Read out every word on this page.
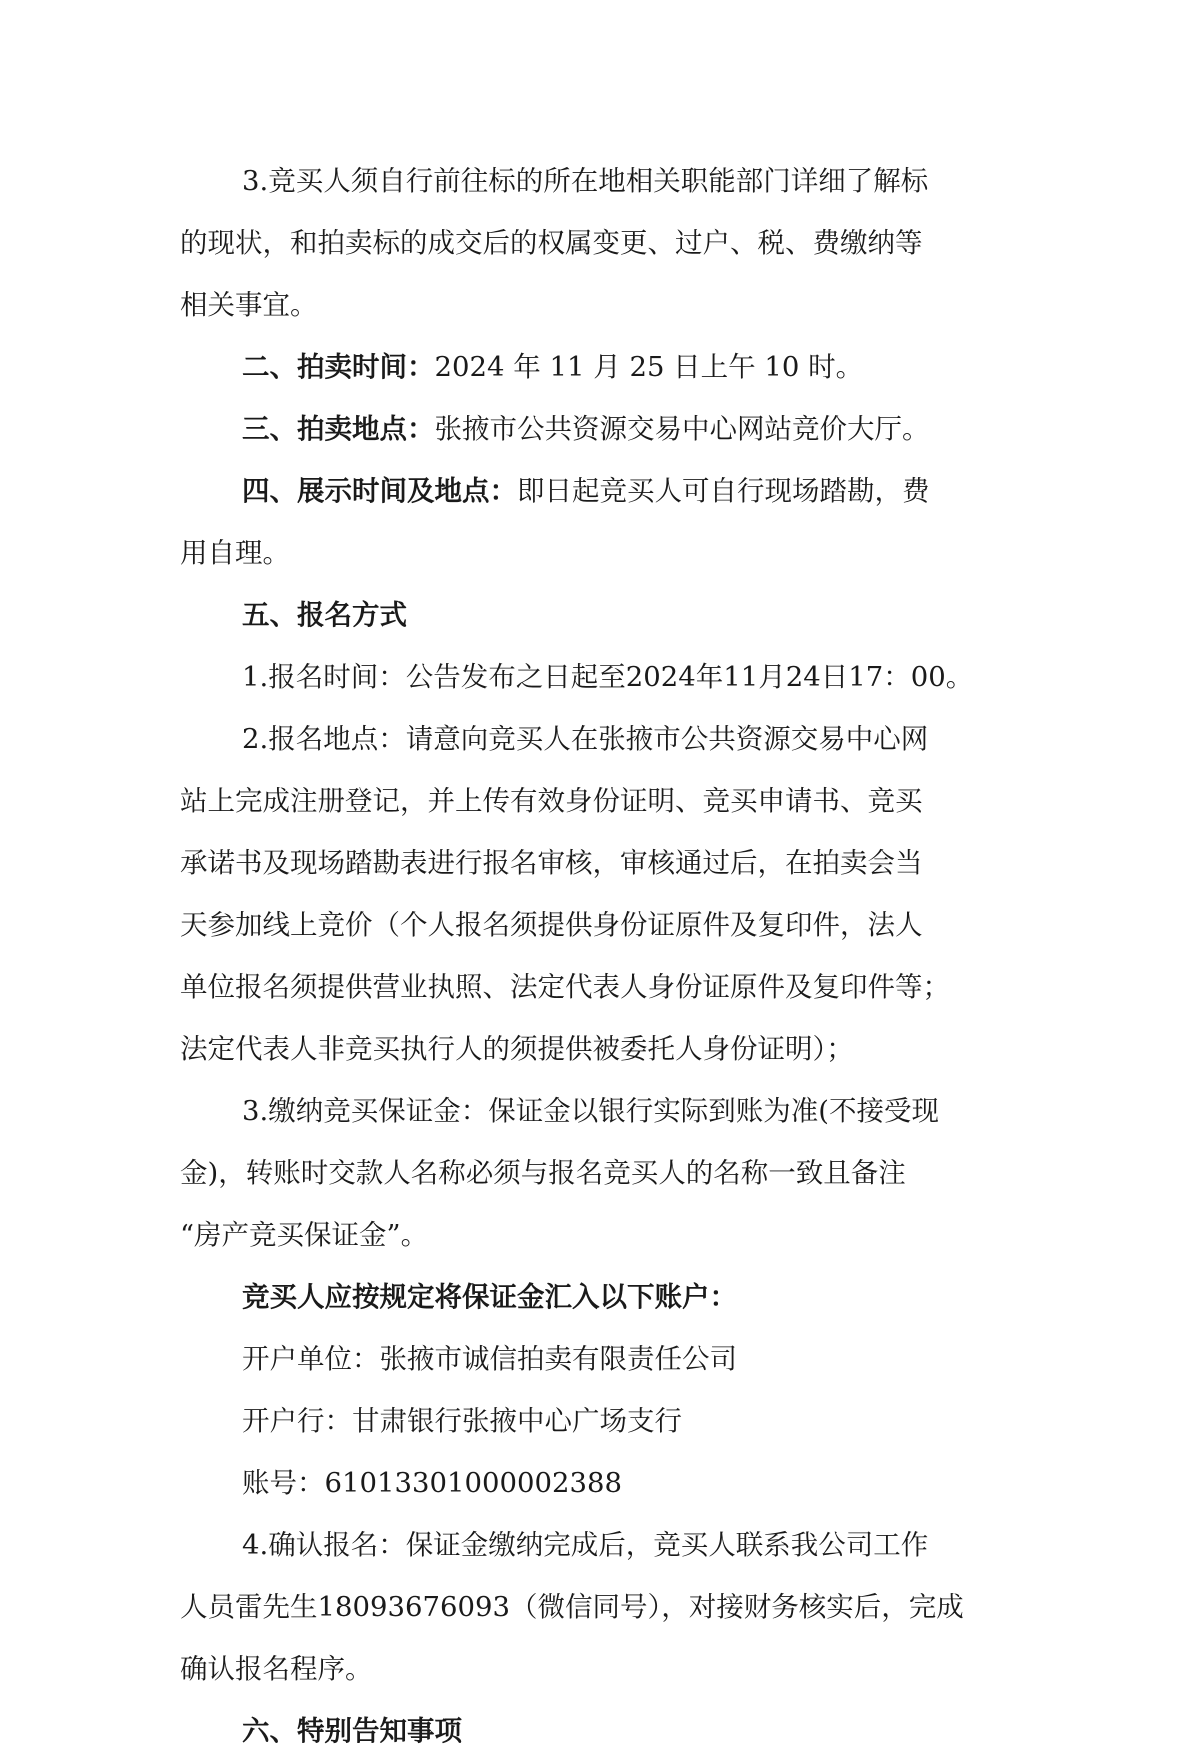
3.竞买人须自行前往标的所在地相关职能部门详细了解标
的现状，和拍卖标的成交后的权属变更、过户、税、费缴纳等
相关事宜。
二、拍卖时间：2024 年 11 月 25 日上午 10 时。
三、拍卖地点：张掖市公共资源交易中心网站竞价大厅。
四、展示时间及地点：即日起竞买人可自行现场踏勘，费
用自理。
五、报名方式
1.报名时间：公告发布之日起至2024年11月24日17：00。
2.报名地点：请意向竞买人在张掖市公共资源交易中心网
站上完成注册登记，并上传有效身份证明、竞买申请书、竞买
承诺书及现场踏勘表进行报名审核，审核通过后，在拍卖会当
天参加线上竞价（个人报名须提供身份证原件及复印件，法人
单位报名须提供营业执照、法定代表人身份证原件及复印件等；
法定代表人非竞买执行人的须提供被委托人身份证明）；
3.缴纳竞买保证金：保证金以银行实际到账为准(不接受现
金)，转账时交款人名称必须与报名竞买人的名称一致且备注
“房产竞买保证金”。
竞买人应按规定将保证金汇入以下账户：
开户单位：张掖市诚信拍卖有限责任公司
开户行：甘肃银行张掖中心广场支行
账号：61013301000002388
4.确认报名：保证金缴纳完成后，竞买人联系我公司工作
人员雷先生18093676093（微信同号），对接财务核实后，完成
确认报名程序。
六、特别告知事项
